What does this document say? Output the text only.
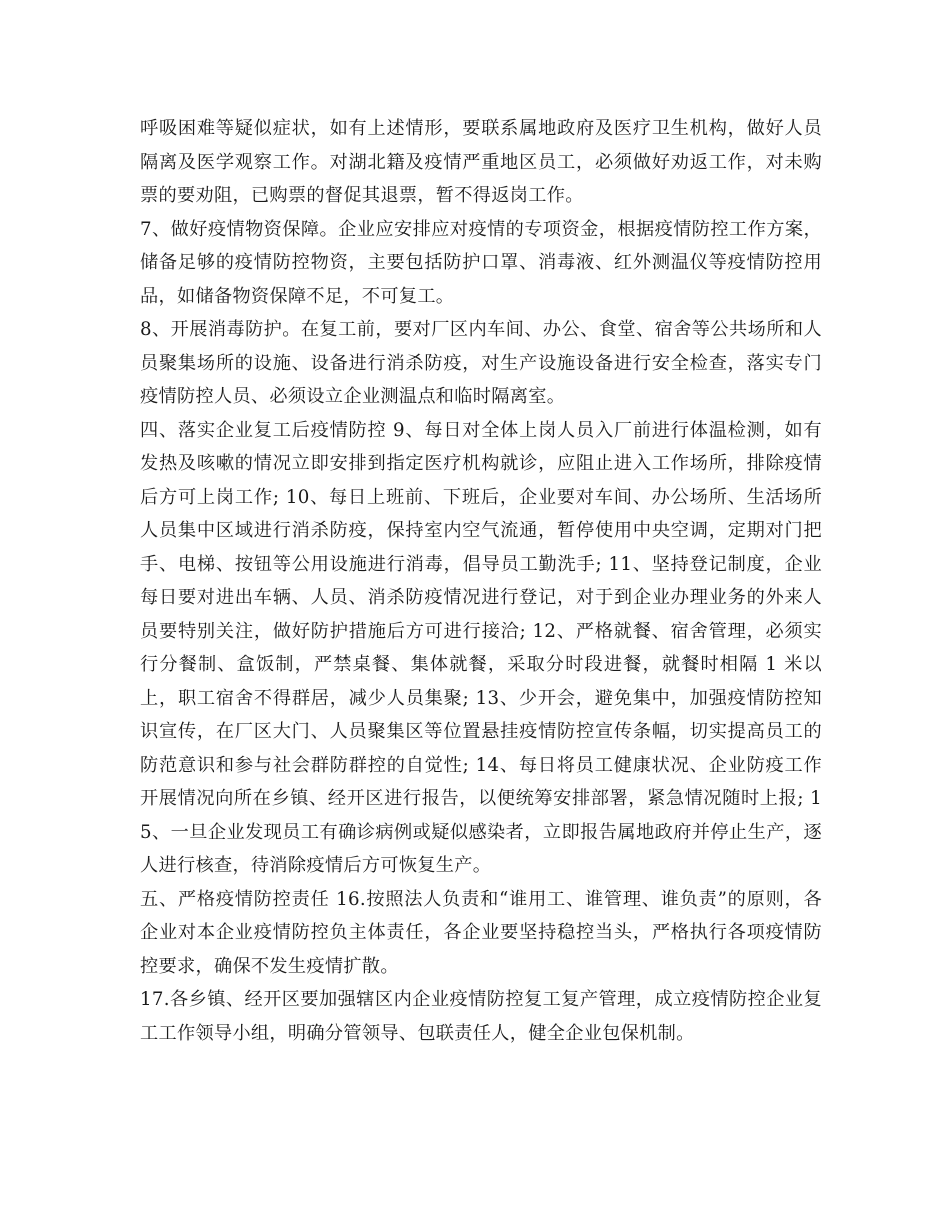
呼吸困难等疑似症状，如有上述情形，要联系属地政府及医疗卫生机构，做好人员隔离及医学观察工作。对湖北籍及疫情严重地区员工，必须做好劝返工作，对未购票的要劝阻，已购票的督促其退票，暂不得返岗工作。

7、做好疫情物资保障。企业应安排应对疫情的专项资金，根据疫情防控工作方案，储备足够的疫情防控物资，主要包括防护口罩、消毒液、红外测温仪等疫情防控用品，如储备物资保障不足，不可复工。

8、开展消毒防护。在复工前，要对厂区内车间、办公、食堂、宿舍等公共场所和人员聚集场所的设施、设备进行消杀防疫，对生产设施设备进行安全检查，落实专门疫情防控人员、必须设立企业测温点和临时隔离室。

四、落实企业复工后疫情防控 9、每日对全体上岗人员入厂前进行体温检测，如有发热及咳嗽的情况立即安排到指定医疗机构就诊，应阻止进入工作场所，排除疫情后方可上岗工作; 10、每日上班前、下班后，企业要对车间、办公场所、生活场所人员集中区域进行消杀防疫，保持室内空气流通，暂停使用中央空调，定期对门把手、电梯、按钮等公用设施进行消毒，倡导员工勤洗手; 11、坚持登记制度，企业每日要对进出车辆、人员、消杀防疫情况进行登记，对于到企业办理业务的外来人员要特别关注，做好防护措施后方可进行接洽; 12、严格就餐、宿舍管理，必须实行分餐制、盒饭制，严禁桌餐、集体就餐，采取分时段进餐，就餐时相隔 1 米以上，职工宿舍不得群居，减少人员集聚; 13、少开会，避免集中，加强疫情防控知识宣传，在厂区大门、人员聚集区等位置悬挂疫情防控宣传条幅，切实提高员工的防范意识和参与社会群防群控的自觉性; 14、每日将员工健康状况、企业防疫工作开展情况向所在乡镇、经开区进行报告，以便统筹安排部署，紧急情况随时上报; 15、一旦企业发现员工有确诊病例或疑似感染者，立即报告属地政府并停止生产，逐人进行核查，待消除疫情后方可恢复生产。

五、严格疫情防控责任 16.按照法人负责和“谁用工、谁管理、谁负责”的原则，各企业对本企业疫情防控负主体责任，各企业要坚持稳控当头，严格执行各项疫情防控要求，确保不发生疫情扩散。

17.各乡镇、经开区要加强辖区内企业疫情防控复工复产管理，成立疫情防控企业复工工作领导小组，明确分管领导、包联责任人，健全企业包保机制。
